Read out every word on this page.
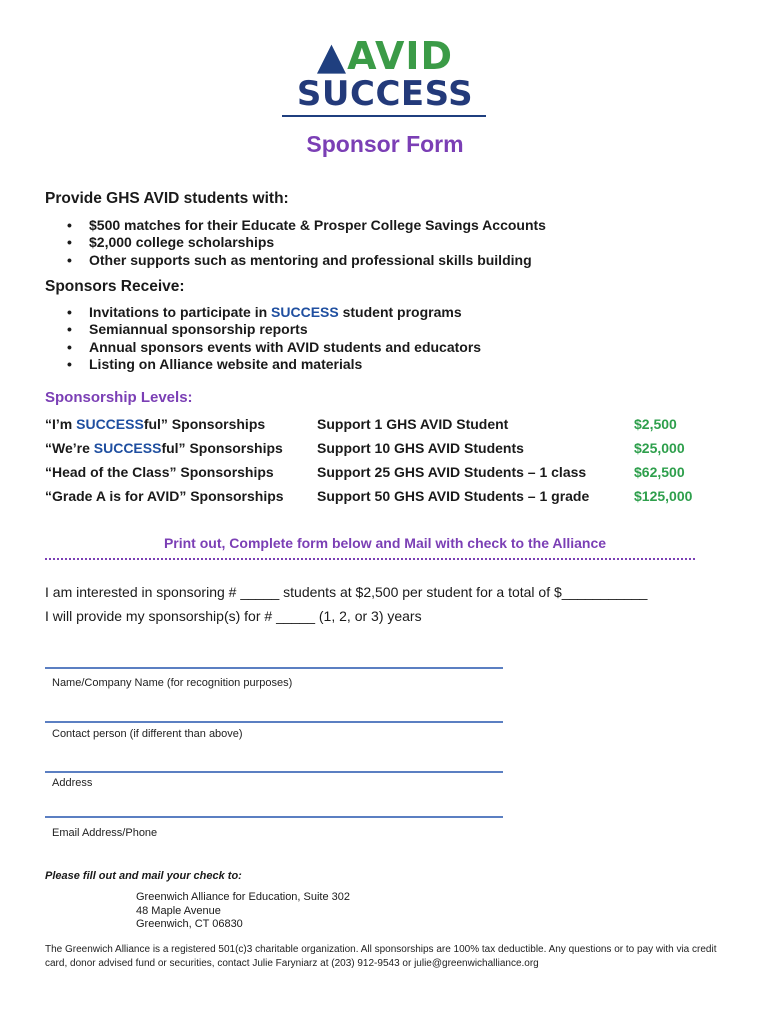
▲AVID
SUCCESS
Sponsor Form
Provide GHS AVID students with:
• $500 matches for their Educate & Prosper College Savings Accounts
• $2,000 college scholarships
• Other supports such as mentoring and professional skills building
Sponsors Receive:
• Invitations to participate in SUCCESS student programs
• Semiannual sponsorship reports
• Annual sponsors events with AVID students and educators
• Listing on Alliance website and materials
Sponsorship Levels:
“I’m SUCCESSful” Sponsorships	Support 1 GHS AVID Student	$2,500
“We’re SUCCESSful” Sponsorships Support 10 GHS AVID Students	$25,000
“Head of the Class” Sponsorships	Support 25 GHS AVID Students – 1 class	$62,500
“Grade A is for AVID” Sponsorships Support 50 GHS AVID Students – 1 grade	$125,000
Print out, Complete form below and Mail with check to the Alliance
I am interested in sponsoring # _____ students at $2,500 per student for a total of $___________
I will provide my sponsorship(s) for # _____ (1, 2, or 3) years
Name/Company Name (for recognition purposes)
Contact person (if different than above)
Address
Email Address/Phone
Please fill out and mail your check to:
Greenwich Alliance for Education, Suite 302
48 Maple Avenue
Greenwich, CT 06830
The Greenwich Alliance is a registered 501(c)3 charitable organization. All sponsorships are 100% tax deductible. Any questions or to pay with via credit card, donor advised fund or securities, contact Julie Faryniarz at (203) 912-9543 or julie@greenwichalliance.org
